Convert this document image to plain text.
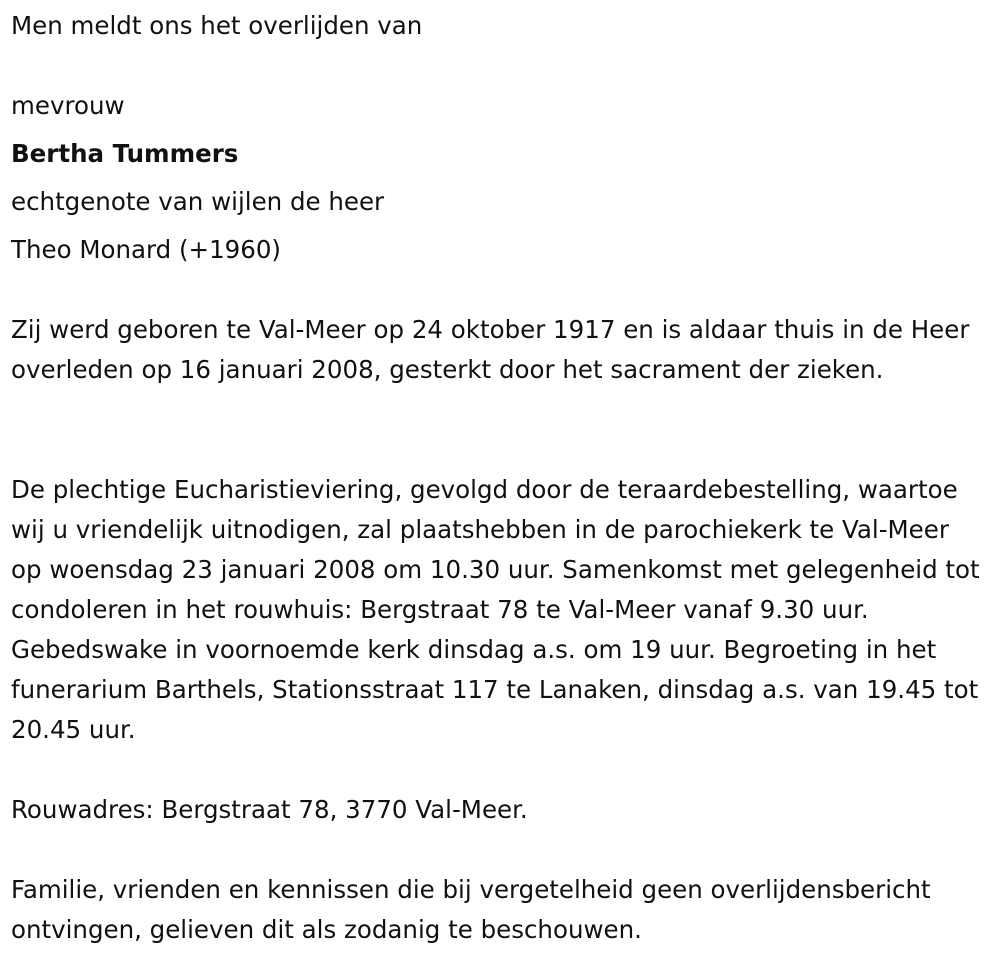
Men meldt ons het overlijden van
mevrouw
Bertha Tummers
echtgenote van wijlen de heer
Theo Monard (+1960)

Zij werd geboren te Val-Meer op 24 oktober 1917 en is aldaar thuis in de Heer overleden op 16 januari 2008, gesterkt door het sacrament der zieken.

De plechtige Eucharistieviering, gevolgd door de teraardebestelling, waartoe wij u vriendelijk uitnodigen, zal plaatshebben in de parochiekerk te Val-Meer op woensdag 23 januari 2008 om 10.30 uur. Samenkomst met gelegenheid tot condoleren in het rouwhuis: Bergstraat 78 te Val-Meer vanaf 9.30 uur. Gebedswake in voornoemde kerk dinsdag a.s. om 19 uur. Begroeting in het funerarium Barthels, Stationsstraat 117 te Lanaken, dinsdag a.s. van 19.45 tot 20.45 uur.

Rouwadres: Bergstraat 78, 3770 Val-Meer.

Familie, vrienden en kennissen die bij vergetelheid geen overlijdensbericht ontvingen, gelieven dit als zodanig te beschouwen.
